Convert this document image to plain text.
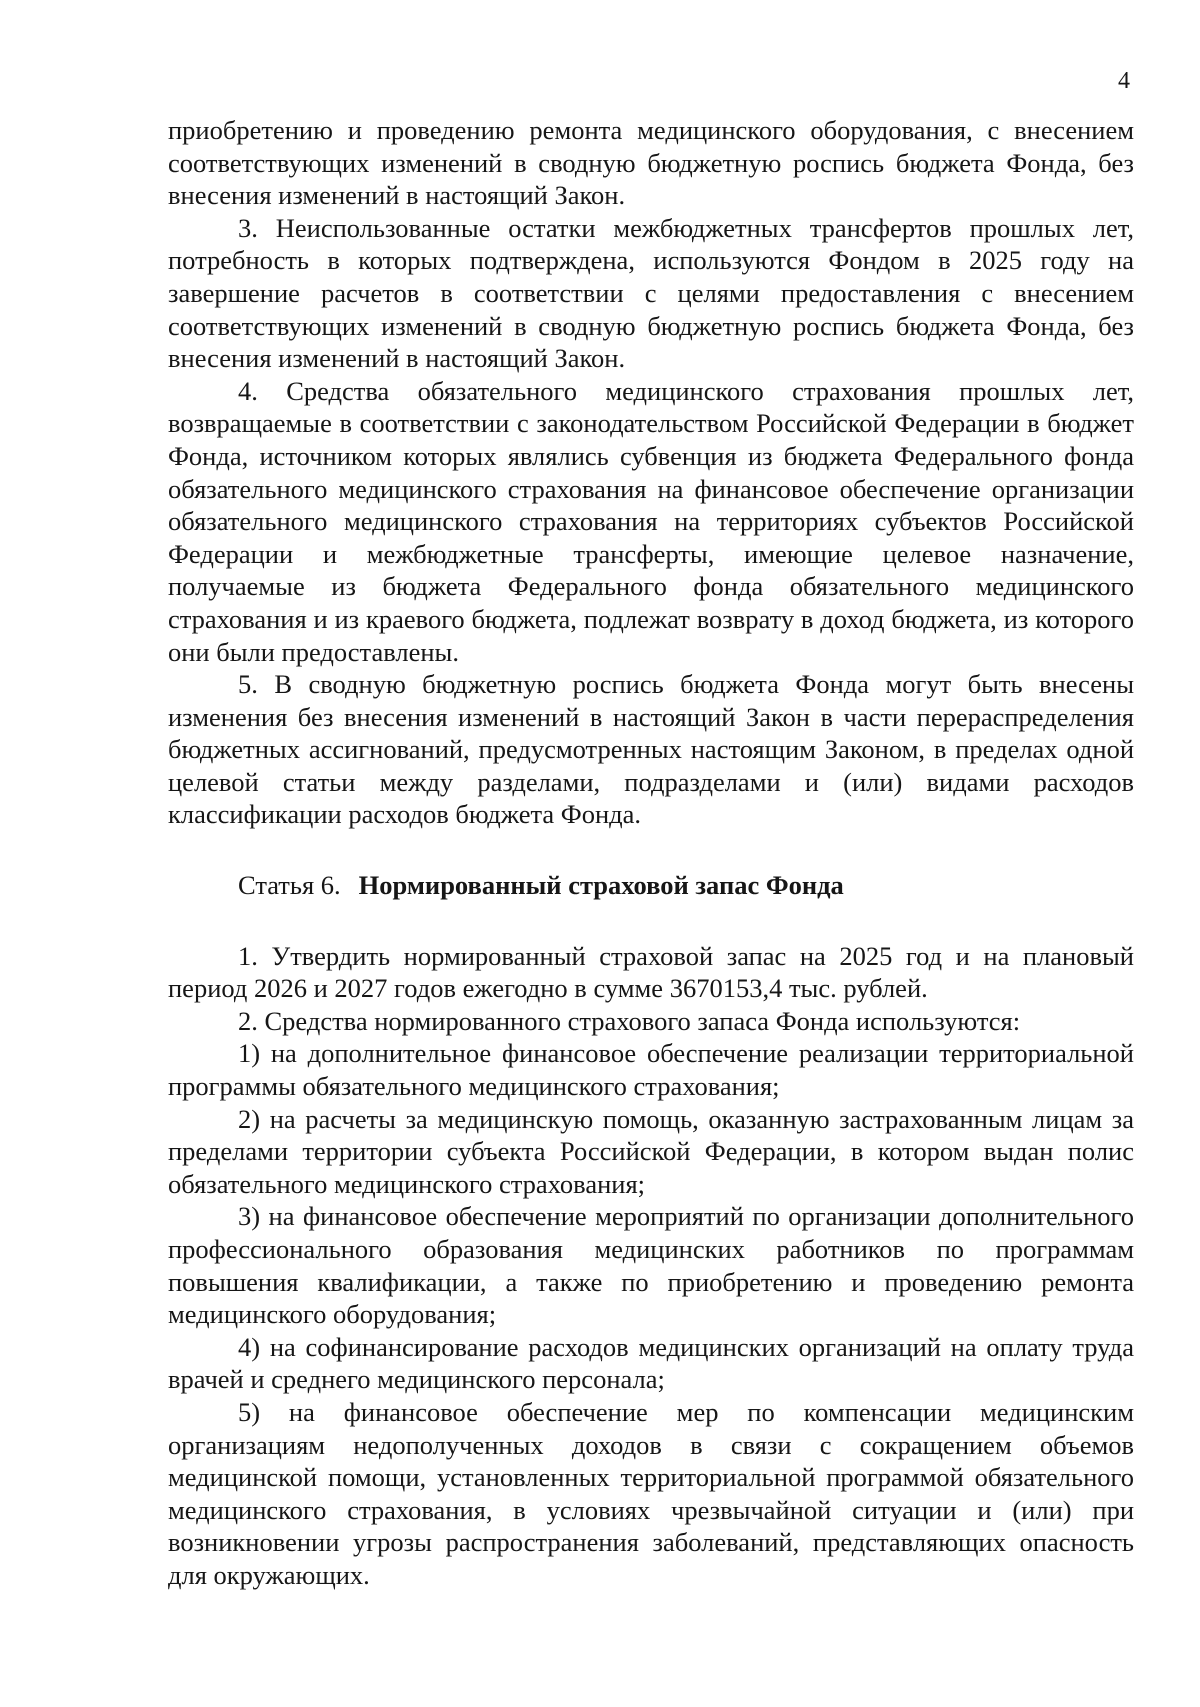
4

приобретению и проведению ремонта медицинского оборудования, с внесением соответствующих изменений в сводную бюджетную роспись бюджета Фонда, без внесения изменений в настоящий Закон.

3. Неиспользованные остатки межбюджетных трансфертов прошлых лет, потребность в которых подтверждена, используются Фондом в 2025 году на завершение расчетов в соответствии с целями предоставления с внесением соответствующих изменений в сводную бюджетную роспись бюджета Фонда, без внесения изменений в настоящий Закон.

4. Средства обязательного медицинского страхования прошлых лет, возвращаемые в соответствии с законодательством Российской Федерации в бюджет Фонда, источником которых являлись субвенция из бюджета Федерального фонда обязательного медицинского страхования на финансовое обеспечение организации обязательного медицинского страхования на территориях субъектов Российской Федерации и межбюджетные трансферты, имеющие целевое назначение, получаемые из бюджета Федерального фонда обязательного медицинского страхования и из краевого бюджета, подлежат возврату в доход бюджета, из которого они были предоставлены.

5. В сводную бюджетную роспись бюджета Фонда могут быть внесены изменения без внесения изменений в настоящий Закон в части перераспределения бюджетных ассигнований, предусмотренных настоящим Законом, в пределах одной целевой статьи между разделами, подразделами и (или) видами расходов классификации расходов бюджета Фонда.

Статья 6. Нормированный страховой запас Фонда

1. Утвердить нормированный страховой запас на 2025 год и на плановый период 2026 и 2027 годов ежегодно в сумме 3670153,4 тыс. рублей.

2. Средства нормированного страхового запаса Фонда используются:

1) на дополнительное финансовое обеспечение реализации территориальной программы обязательного медицинского страхования;

2) на расчеты за медицинскую помощь, оказанную застрахованным лицам за пределами территории субъекта Российской Федерации, в котором выдан полис обязательного медицинского страхования;

3) на финансовое обеспечение мероприятий по организации дополнительного профессионального образования медицинских работников по программам повышения квалификации, а также по приобретению и проведению ремонта медицинского оборудования;

4) на софинансирование расходов медицинских организаций на оплату труда врачей и среднего медицинского персонала;

5) на финансовое обеспечение мер по компенсации медицинским организациям недополученных доходов в связи с сокращением объемов медицинской помощи, установленных территориальной программой обязательного медицинского страхования, в условиях чрезвычайной ситуации и (или) при возникновении угрозы распространения заболеваний, представляющих опасность для окружающих.
